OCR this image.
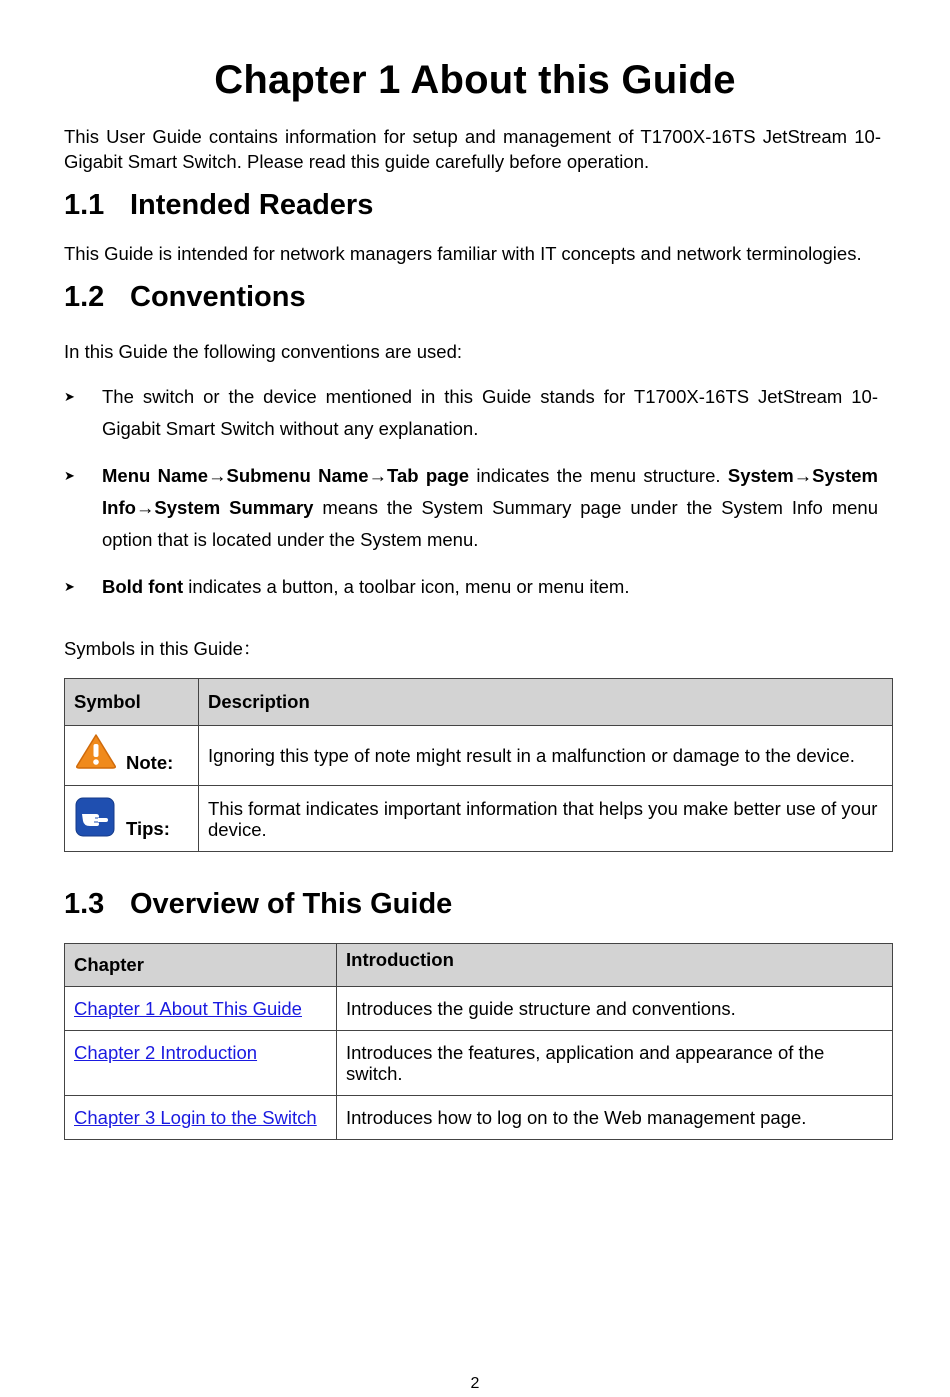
Chapter 1 About this Guide
This User Guide contains information for setup and management of T1700X-16TS JetStream 10-Gigabit Smart Switch. Please read this guide carefully before operation.
1.1 Intended Readers
This Guide is intended for network managers familiar with IT concepts and network terminologies.
1.2 Conventions
In this Guide the following conventions are used:
➤ The switch or the device mentioned in this Guide stands for T1700X-16TS JetStream 10-Gigabit Smart Switch without any explanation.
➤ Menu Name→Submenu Name→Tab page indicates the menu structure. System→System Info→System Summary means the System Summary page under the System Info menu option that is located under the System menu.
➤ Bold font indicates a button, a toolbar icon, menu or menu item.
Symbols in this Guide：
Symbol	Description

Note:	Ignoring this type of note might result in a malfunction or damage to the device.

Tips:	This format indicates important information that helps you make better use of your device.
1.3 Overview of This Guide
Chapter	Introduction
Chapter 1 About This Guide	Introduces the guide structure and conventions.
Chapter 2 Introduction	Introduces the features, application and appearance of the switch.
Chapter 3 Login to the Switch	Introduces how to log on to the Web management page.
2
